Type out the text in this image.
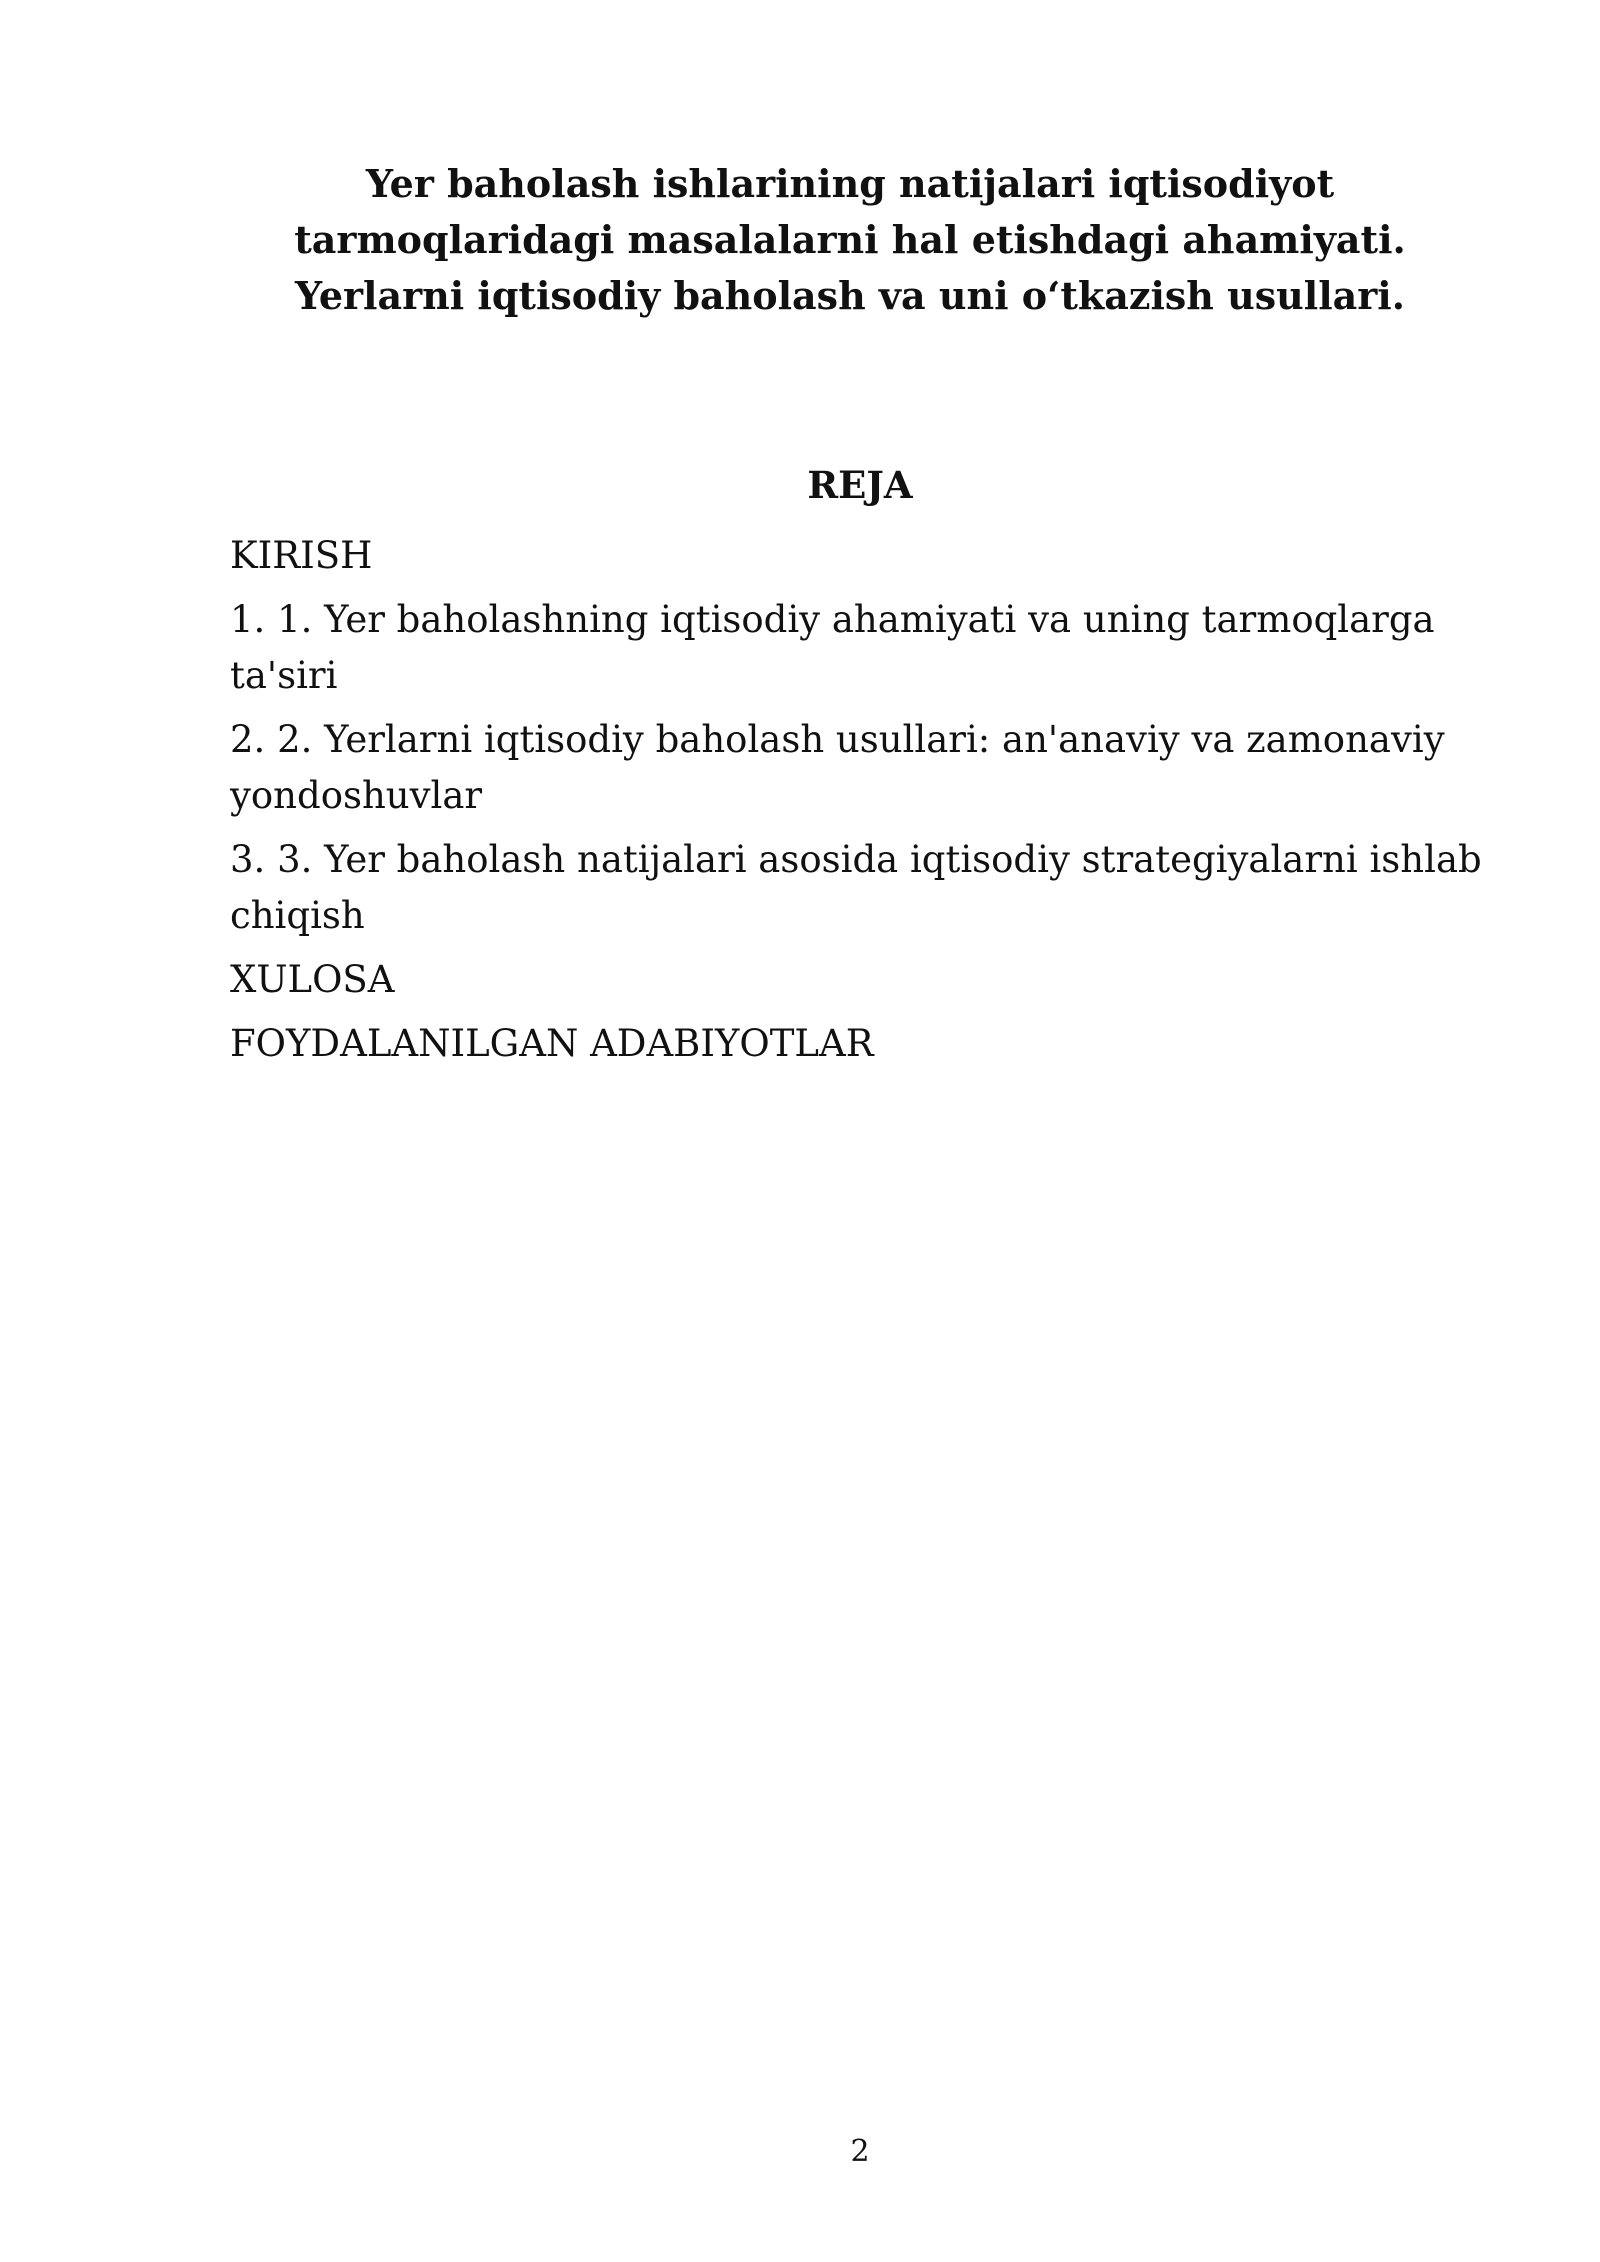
Yer baholash ishlarining natijalari iqtisodiyot
tarmoqlaridagi masalalarni hal etishdagi ahamiyati.
Yerlarni iqtisodiy baholash va uni o‘tkazish usullari.
REJA

KIRISH

1. 1. Yer baholashning iqtisodiy ahamiyati va uning tarmoqlarga ta'siri

2. 2. Yerlarni iqtisodiy baholash usullari: an'anaviy va zamonaviy yondoshuvlar

3. 3. Yer baholash natijalari asosida iqtisodiy strategiyalarni ishlab chiqish

XULOSA

FOYDALANILGAN ADABIYOTLAR

2
